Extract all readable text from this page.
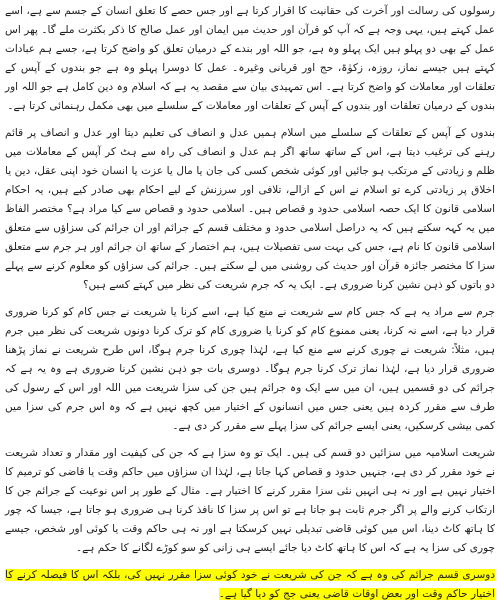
رسولوں کی رسالت اور آخرت کی حقانیت کا اقرار کرتا ہے اور جس حصے کا تعلق انسان کے جسم سے ہے، اسے عمل کہتے ہیں، یہی وجہ ہے کہ آپ کو قرآن اور حدیث میں ایمان اور عمل صالح کا ذکر بکثرت ملے گا۔ پھر اس عمل کے بھی دو پہلو ہیں ایک پہلو وہ ہے، جو اللہ اور بندے کے درمیان تعلق کو واضح کرتا ہے، جسے ہم عبادات کہتے ہیں جیسے نماز، روزہ، زکوٰۃ، حج اور قربانی وغیرہ۔ عمل کا دوسرا پہلو وہ ہے جو بندوں کے آپس کے تعلقات اور معاملات کو واضح کرتا ہے۔ اس تمہیدی بیان سے مقصد یہ ہے کہ اسلام وہ دین کامل ہے جو اللہ اور بندوں کے درمیان تعلقات اور بندوں کے آپس کے تعلقات اور معاملات کے سلسلے میں بھی مکمل رہنمائی کرتا ہے۔

بندوں کے آپس کے تعلقات کے سلسلے میں اسلام ہمیں عدل و انصاف کی تعلیم دیتا اور عدل و انصاف پر قائم رہنے کی ترغیب دیتا ہے، اس کے ساتھ ساتھ اگر ہم عدل و انصاف کی راہ سے ہٹ کر آپس کے معاملات میں ظلم و زیادتی کے مرتکب ہو جائیں اور کوئی شخص کسی کی جان یا مال یا عزت یا انسان خود اپنی عقل، دین یا اخلاق پر زیادتی کرے تو اسلام نے اس کے ازالے، تلافی اور سرزنش کے لیے احکام بھی صادر کیے ہیں، یہ احکام اسلامی قانون کا ایک حصہ اسلامی حدود و قصاص ہیں۔ اسلامی حدود و قصاص سے کیا مراد ہے؟ مختصر الفاظ میں یہ کہہ سکتے ہیں کہ یہ دراصل اسلامی حدود و مختلف قسم کے جرائم اور ان جرائم کی سزاؤں سے متعلق اسلامی قانون کا نام ہے، جس کی بہت سی تفصیلات ہیں، ہم اختصار کے ساتھ ان جرائم اور ہر جرم سے متعلق سزا کا مختصر جائزہ قرآن اور حدیث کی روشنی میں لے سکتے ہیں۔ جرائم کی سزاؤں کو معلوم کرنے سے پہلے دو باتوں کو ذہن نشین کرنا ضروری ہے۔ ایک یہ کہ جرم شریعت کی نظر میں کہتے کسے ہیں؟

جرم سے مراد یہ ہے کہ جس کام سے شریعت نے منع کیا ہے، اسے کرنا یا شریعت نے جس کام کو کرنا ضروری قرار دیا ہے، اسے نہ کرنا، یعنی ممنوع کام کو کرنا یا ضروری کام کو ترک کرنا دونوں شریعت کی نظر میں جرم ہیں، مثلاً: شریعت نے چوری کرنے سے منع کیا ہے، لہٰذا چوری کرنا جرم ہوگا، اس طرح شریعت نے نماز پڑھنا ضروری قرار دیا ہے، لہٰذا نماز ترک کرنا جرم ہوگا۔ دوسری بات جو ذہن نشین کرنا ضروری ہے وہ یہ ہے کہ جرائم کی دو قسمیں ہیں، ان میں سے ایک وہ جرائم ہیں جن کی سزا شریعت میں اللہ اور اس کے رسول کی طرف سے مقرر کردہ ہیں یعنی جس میں انسانوں کے اختیار میں کچھ نہیں ہے کہ وہ اس جرم کی سزا میں کمی بیشی کرسکیں، یعنی ایسے جرائم کی سزا پہلے سے مقرر کر دی ہے۔

شریعت اسلامیہ میں سزائیں دو قسم کی ہیں۔ ایک تو وہ سزا ہے کہ جن کی کیفیت اور مقدار و تعداد شریعت نے خود مقرر کر دی ہے، جنہیں حدود و قصاص کہا جاتا ہے، لہٰذا ان سزاؤں میں حاکم وقت یا قاضی کو ترمیم کا اختیار نہیں ہے اور نہ ہی انہیں نئی سزا مقرر کرنے کا اختیار ہے۔ مثال کے طور پر اس نوعیت کے جرائم جن کا ارتکاب کرنے والے پر اگر جرم ثابت ہو جاتا ہے تو اس پر سزا کا نافذ کرنا ہی ضروری ہو جاتا ہے، جیسا کہ چور کا ہاتھ کاٹ دینا، اس میں کوئی قاضی تبدیلی نہیں کرسکتا ہے اور نہ ہی حاکم وقت یا کوئی اور شخص، جیسے چوری کی سزا یہ ہے کہ اس کا ہاتھ کاٹ دیا جائے ایسے ہی زانی کو سو کوڑے لگانے کا حکم ہے۔

دوسری قسم جرائم کی وہ ہے کہ جن کی شریعت نے خود کوئی سزا مقرر نہیں کی، بلکہ اس کا فیصلہ کرنے کا اختیار حاکم وقت اور بعض اوقات قاضی یعنی جج کو دیا گیا ہے۔
